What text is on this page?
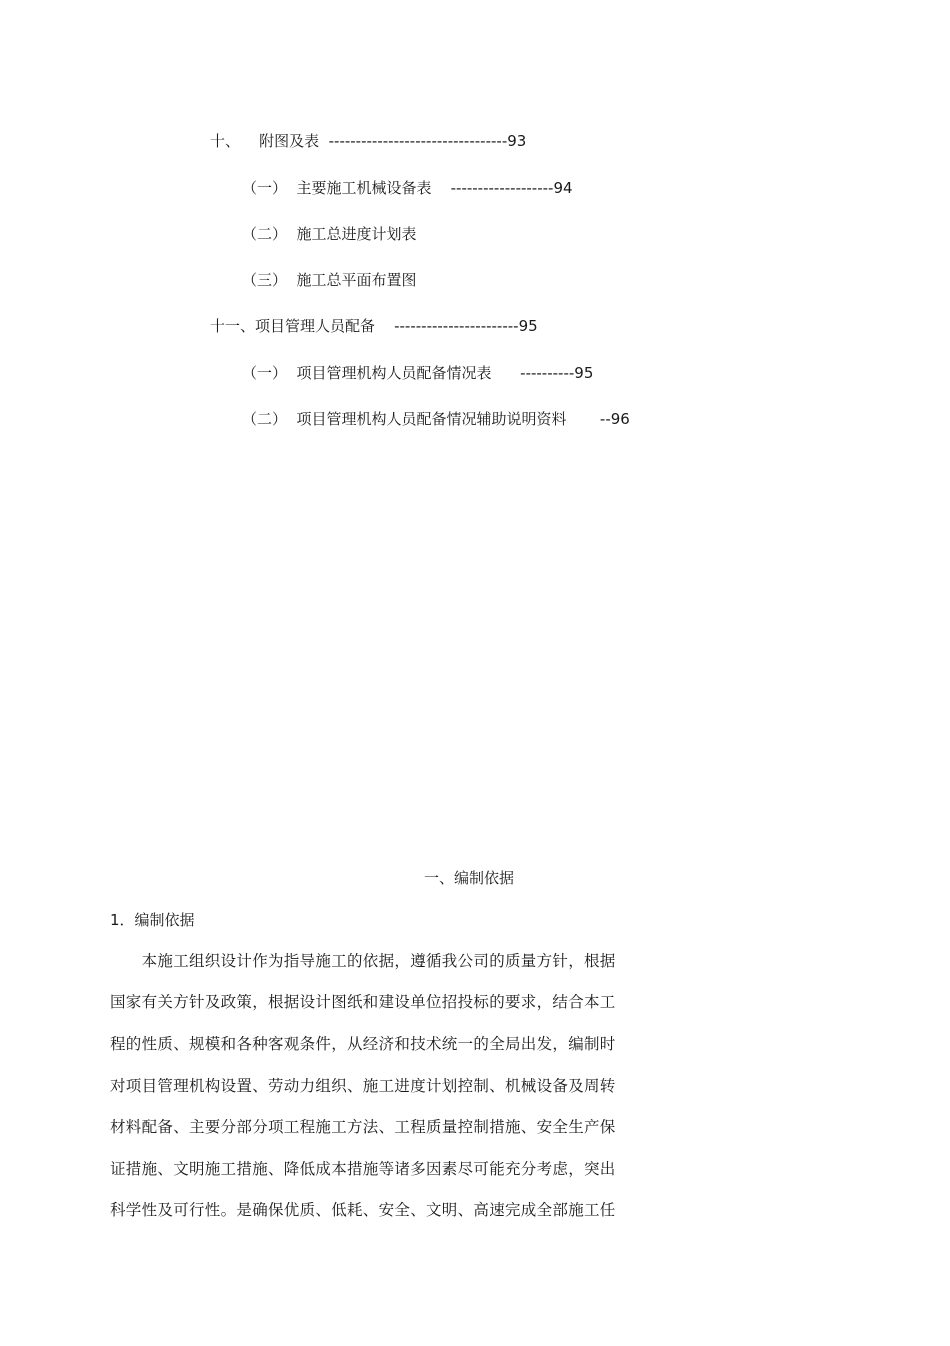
十、    附图及表  ---------------------------------93
（一）  主要施工机械设备表    -------------------94
（二）  施工总进度计划表
（三）  施工总平面布置图
十一、项目管理人员配备    -----------------------95
（一）  项目管理机构人员配备情况表      ----------95
（二）  项目管理机构人员配备情况辅助说明资料       --96
一、编制依据
1．编制依据
　　本施工组织设计作为指导施工的依据，遵循我公司的质量方针，根据
国家有关方针及政策，根据设计图纸和建设单位招投标的要求，结合本工
程的性质、规模和各种客观条件，从经济和技术统一的全局出发，编制时
对项目管理机构设置、劳动力组织、施工进度计划控制、机械设备及周转
材料配备、主要分部分项工程施工方法、工程质量控制措施、安全生产保
证措施、文明施工措施、降低成本措施等诸多因素尽可能充分考虑，突出
科学性及可行性。是确保优质、低耗、安全、文明、高速完成全部施工任
